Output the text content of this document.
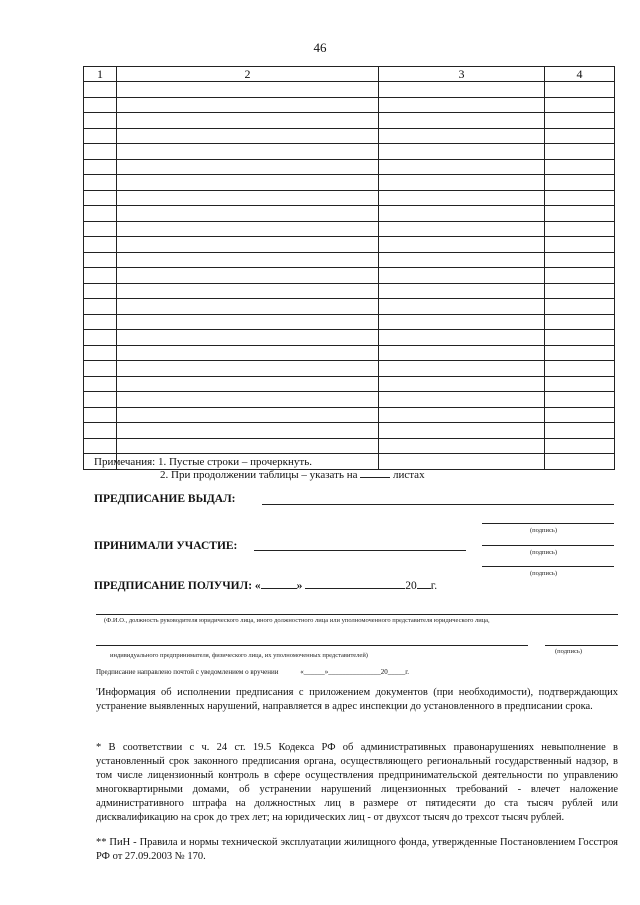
46
1	2	3	4

Примечания: 1. Пустые строки – прочеркнуть.
2. При продолжении таблицы – указать на	листах
ПРЕДПИСАНИЕ ВЫДАЛ:
(подпись)
ПРИНИМАЛИ УЧАСТИЕ:
(подпись)
(подпись)
ПРЕДПИСАНИЕ ПОЛУЧИЛ: «	»	20 г.
(Ф.И.О., должность руководителя юридического лица, иного должностного лица или уполномоченного представителя юридического лица,
(подпись)
индивидуального предпринимателя, физического лица, их уполномоченных представителей)
Предписание направлено почтой с уведомлением о вручении	«______»_______________20_____г.
'Информация об исполнении предписания с приложением документов (при необходимости), подтверждающих устранение выявленных нарушений, направляется в адрес инспекции до установленного в предписании срока.
* В соответствии с ч. 24 ст. 19.5 Кодекса РФ об административных правонарушениях невыполнение в установленный срок законного предписания органа, осуществляющего региональный государственный надзор, в том числе лицензионный контроль в сфере осуществления предпринимательской деятельности по управлению многоквартирными домами, об устранении нарушений лицензионных требований - влечет наложение административного штрафа на должностных лиц в размере от пятидесяти до ста тысяч рублей или дисквалификацию на срок до трех лет; на юридических лиц - от двухсот тысяч до трехсот тысяч рублей.
** ПиН - Правила и нормы технической эксплуатации жилищного фонда, утвержденные Постановлением Госстроя РФ от 27.09.2003 № 170.
